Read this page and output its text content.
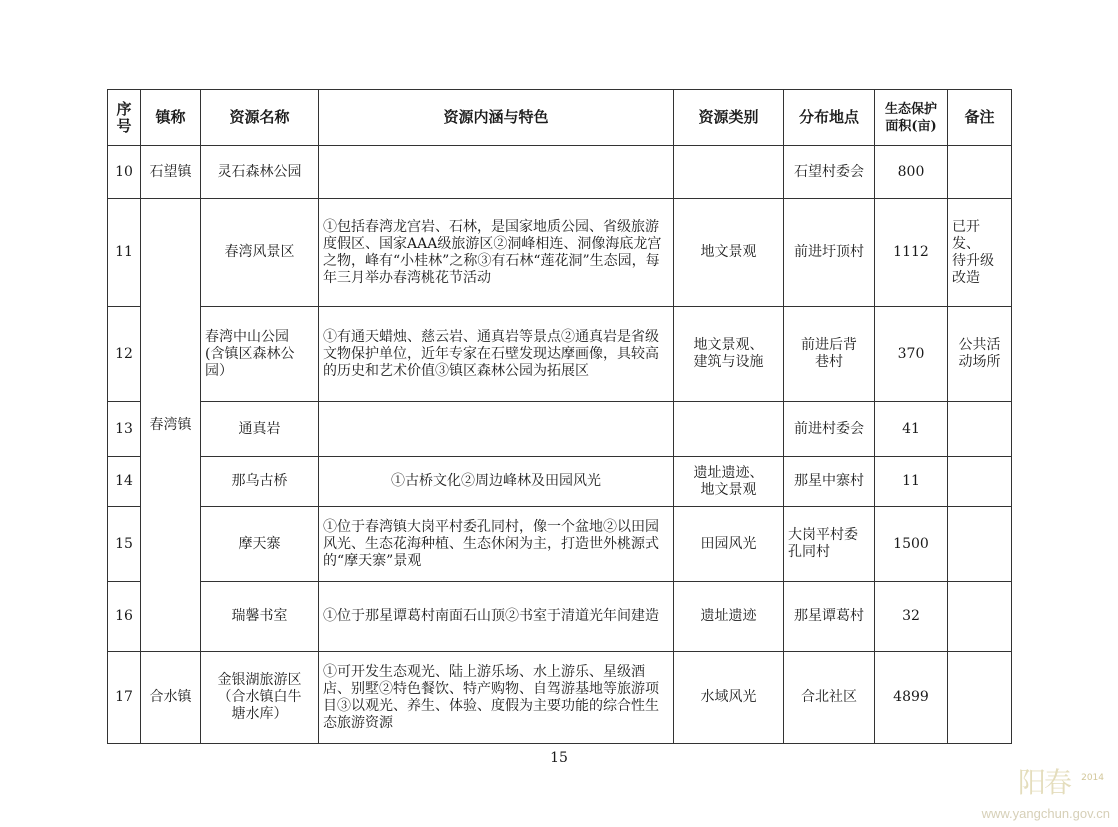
序
号	镇称	资源名称	资源内涵与特色	资源类别	分布地点	生态保护
面积(亩)	备注
10	石望镇	灵石森林公园			石望村委会	800	
11	春湾镇	春湾风景区	①包括春湾龙宫岩、石林，是国家地质公园、省级旅游度假区、国家AAA级旅游区②洞峰相连、洞像海底龙宫之物，峰有“小桂林”之称③有石林“莲花洞”生态园，每年三月举办春湾桃花节活动	地文景观	前进圩顶村	1112	已开发、
待升级
改造
12		春湾中山公园
(含镇区森林公
园）	①有通天蜡烛、慈云岩、通真岩等景点②通真岩是省级文物保护单位，近年专家在石壁发现达摩画像，具较高的历史和艺术价值③镇区森林公园为拓展区	地文景观、
建筑与设施	前进后背
巷村	370	公共活
动场所
13		通真岩			前进村委会	41	
14		那乌古桥	①古桥文化②周边峰林及田园风光	遗址遗迹、
地文景观	那星中寨村	11	
15		摩天寨	①位于春湾镇大岗平村委孔同村，像一个盆地②以田园风光、生态花海种植、生态休闲为主，打造世外桃源式的“摩天寨”景观	田园风光	大岗平村委
孔同村	1500	
16		瑞馨书室	①位于那星谭葛村南面石山顶②书室于清道光年间建造	遗址遗迹	那星谭葛村	32	
17	合水镇	金银湖旅游区
（合水镇白牛
塘水库）	①可开发生态观光、陆上游乐场、水上游乐、星级酒店、别墅②特色餐饮、特产购物、自驾游基地等旅游项目③以观光、养生、体验、度假为主要功能的综合性生态旅游资源	水域风光	合北社区	4899	
15
阳春 2014
www.yangchun.gov.cn
